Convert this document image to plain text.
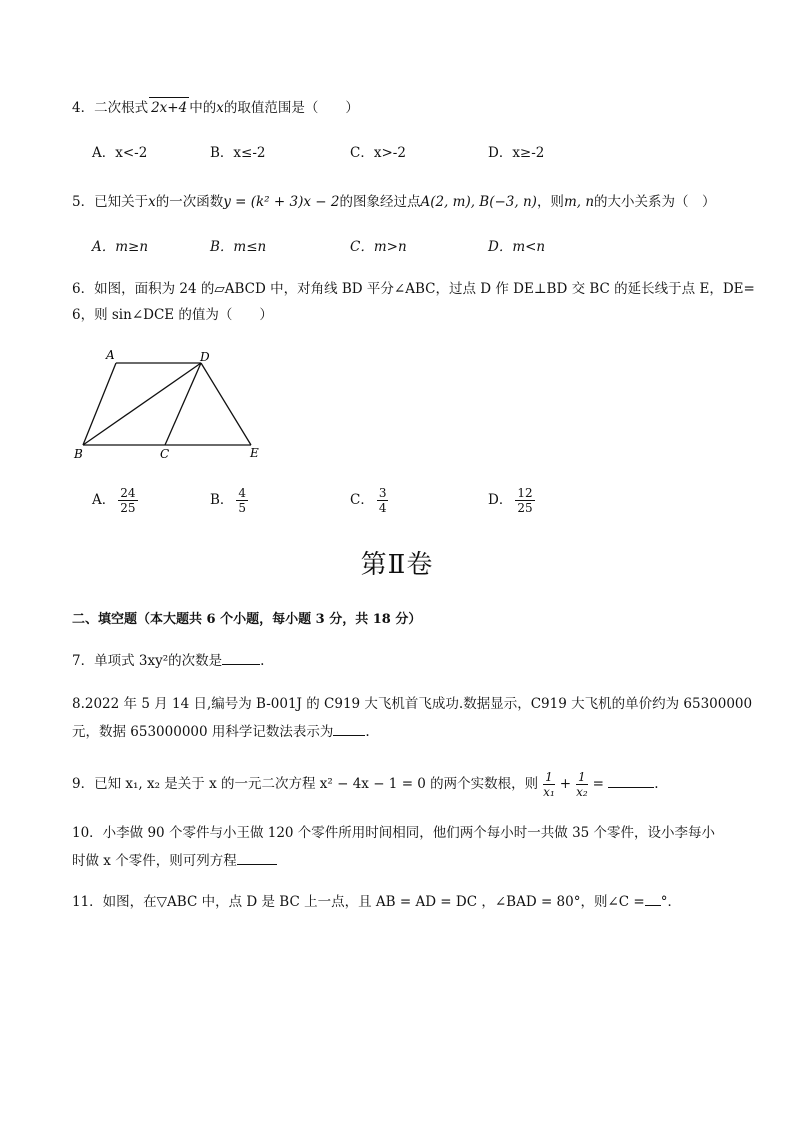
4．二次根式 2x+4 中的x的取值范围是（　　）
A．x<-2	B．x≤-2	C．x>-2	D．x≥-2
5．已知关于x的一次函数y = (k² + 3)x − 2的图象经过点A(2, m), B(−3, n)，则m, n的大小关系为（　）
A．m≥n	B．m≤n	C．m>n	D．m<n
6．如图，面积为 24 的▱ABCD 中，对角线 BD 平分∠ABC，过点 D 作 DE⊥BD 交 BC 的延长线于点 E，DE=
6，则 sin∠DCE 的值为（　　）
A	D
B	C	E
A． $\frac{24}{25}$	B． $\frac{4}{5}$	C． $\frac{3}{4}$	D． $\frac{12}{25}$
第Ⅱ卷
二、填空题（本大题共 6 个小题，每小题 3 分，共 18 分）
7．单项式 3xy²的次数是	.
8.2022 年 5 月 14 日,编号为 B-001J 的 C919 大飞机首飞成功.数据显示，C919 大飞机的单价约为 65300000
元，数据 653000000 用科学记数法表示为 .
9．已知 x₁, x₂ 是关于 x 的一元二次方程 x² − 4x − 1 = 0 的两个实数根，则 $\frac{1}{\text{x₁}} + \frac{1}{\text{x₂}}$ =	.
10．小李做 90 个零件与小王做 120 个零件所用时间相同，他们两个每小时一共做 35 个零件，设小李每小
时做 x 个零件，则可列方程
11．如图，在▽ABC 中，点 D 是 BC 上一点，且 AB = AD = DC ，∠BAD = 80°，则∠C = °．
